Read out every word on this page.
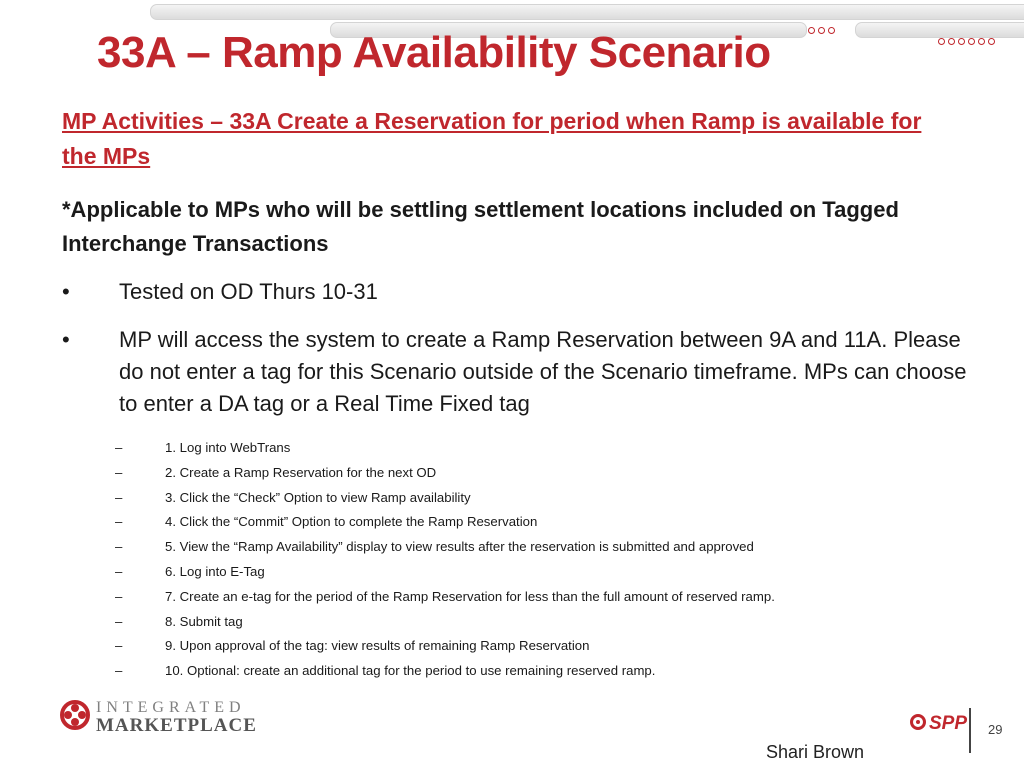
33A – Ramp Availability Scenario
MP Activities – 33A Create a Reservation for period when Ramp is available for the MPs
*Applicable to MPs who will be settling settlement locations included on Tagged Interchange Transactions
• Tested on OD Thurs 10-31
• MP will access the system to create a Ramp Reservation between 9A and 11A. Please do not enter a tag for this Scenario outside of the Scenario timeframe. MPs can choose to enter a DA tag or a Real Time Fixed tag
–	1. Log into WebTrans
–	2. Create a Ramp Reservation for the next OD
–	3. Click the “Check” Option to view Ramp availability
–	4. Click the “Commit” Option to complete the Ramp Reservation
–	5. View the “Ramp Availability” display to view results after the reservation is submitted and approved
–	6. Log into E-Tag
–	7. Create an e-tag for the period of the Ramp Reservation for less than the full amount of reserved ramp.
–	8. Submit tag
–	9. Upon approval of the tag: view results of remaining Ramp Reservation
–	10. Optional: create an additional tag for the period to use remaining reserved ramp.
INTEGRATED
MARKETPLACE	SPP 29
Shari Brown
